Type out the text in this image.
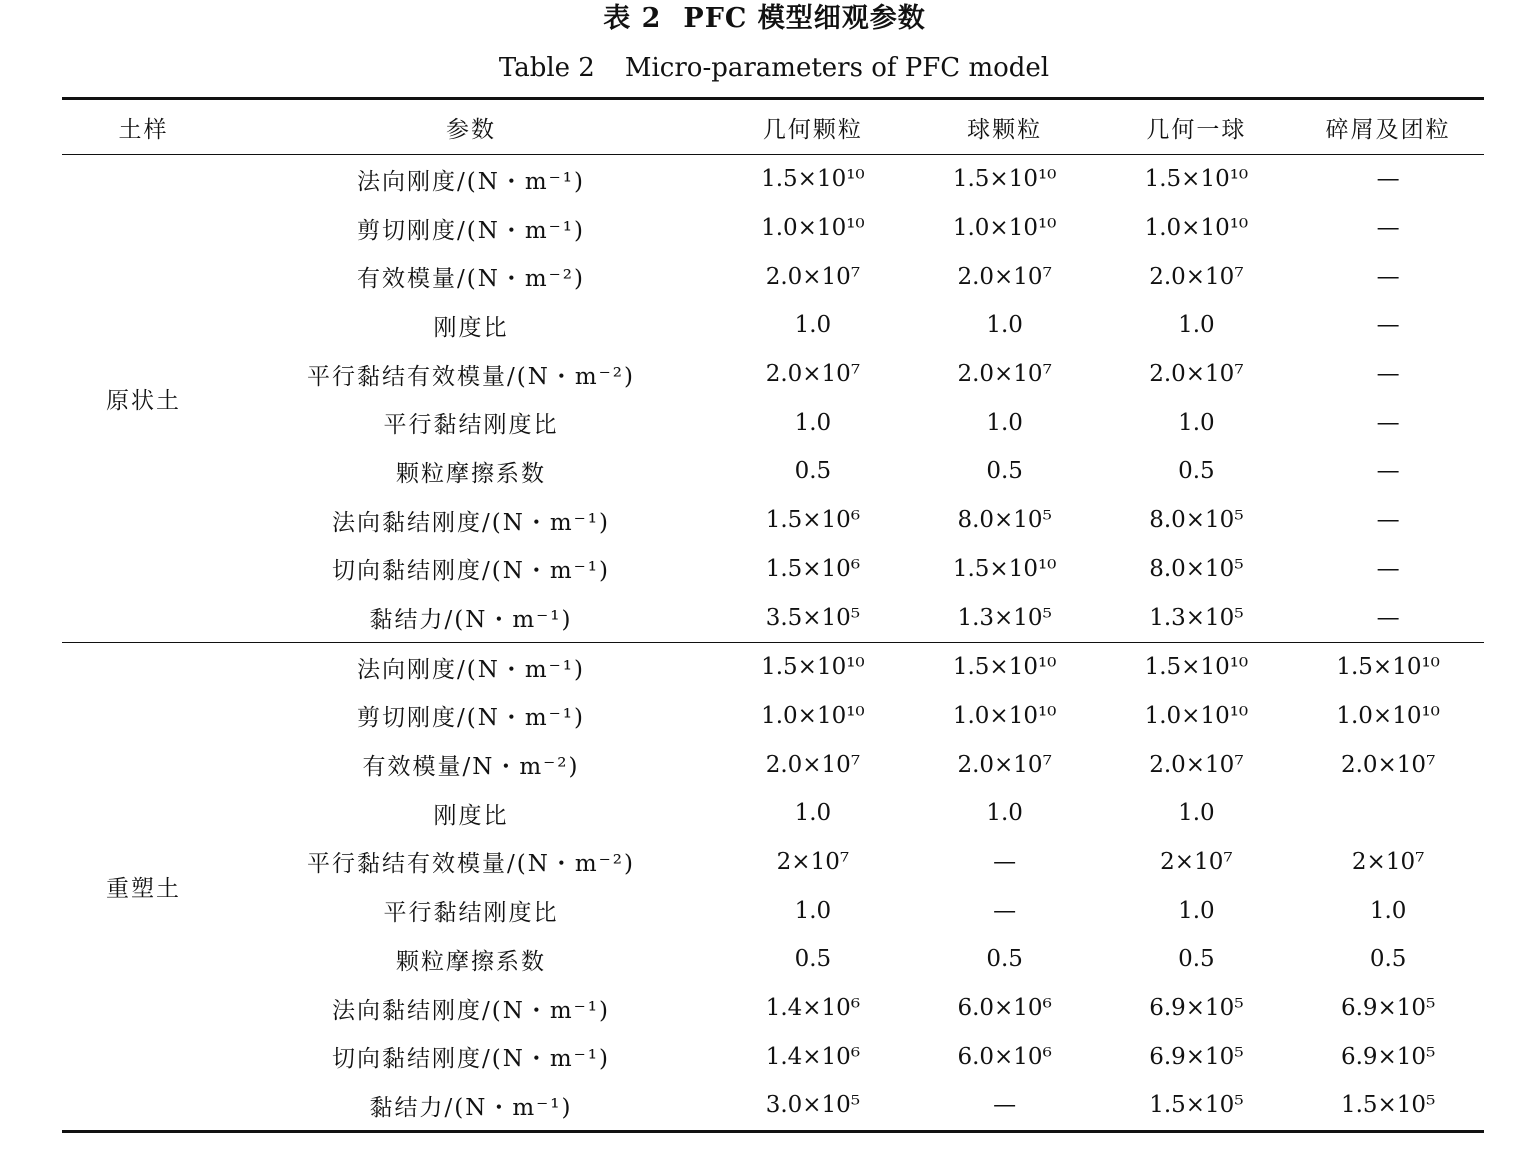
表 2 PFC 模型细观参数
Table 2 Micro-parameters of PFC model
土样	参数	几何颗粒	球颗粒	几何一球	碎屑及团粒
原状土	法向刚度/(N・m⁻¹)	1.5×10¹⁰	1.5×10¹⁰	1.5×10¹⁰	—
	剪切刚度/(N・m⁻¹)	1.0×10¹⁰	1.0×10¹⁰	1.0×10¹⁰	—
	有效模量/(N・m⁻²)	2.0×10⁷	2.0×10⁷	2.0×10⁷	—
	刚度比	1.0	1.0	1.0	—
	平行黏结有效模量/(N・m⁻²)	2.0×10⁷	2.0×10⁷	2.0×10⁷	—
	平行黏结刚度比	1.0	1.0	1.0	—
	颗粒摩擦系数	0.5	0.5	0.5	—
	法向黏结刚度/(N・m⁻¹)	1.5×10⁶	8.0×10⁵	8.0×10⁵	—
	切向黏结刚度/(N・m⁻¹)	1.5×10⁶	1.5×10¹⁰	8.0×10⁵	—
	黏结力/(N・m⁻¹)	3.5×10⁵	1.3×10⁵	1.3×10⁵	—
重塑土	法向刚度/(N・m⁻¹)	1.5×10¹⁰	1.5×10¹⁰	1.5×10¹⁰	1.5×10¹⁰
	剪切刚度/(N・m⁻¹)	1.0×10¹⁰	1.0×10¹⁰	1.0×10¹⁰	1.0×10¹⁰
	有效模量/N・m⁻²)	2.0×10⁷	2.0×10⁷	2.0×10⁷	2.0×10⁷
	刚度比	1.0	1.0	1.0	
	平行黏结有效模量/(N・m⁻²)	2×10⁷	—	2×10⁷	2×10⁷
	平行黏结刚度比	1.0	—	1.0	1.0
	颗粒摩擦系数	0.5	0.5	0.5	0.5
	法向黏结刚度/(N・m⁻¹)	1.4×10⁶	6.0×10⁶	6.9×10⁵	6.9×10⁵
	切向黏结刚度/(N・m⁻¹)	1.4×10⁶	6.0×10⁶	6.9×10⁵	6.9×10⁵
	黏结力/(N・m⁻¹)	3.0×10⁵	—	1.5×10⁵	1.5×10⁵
